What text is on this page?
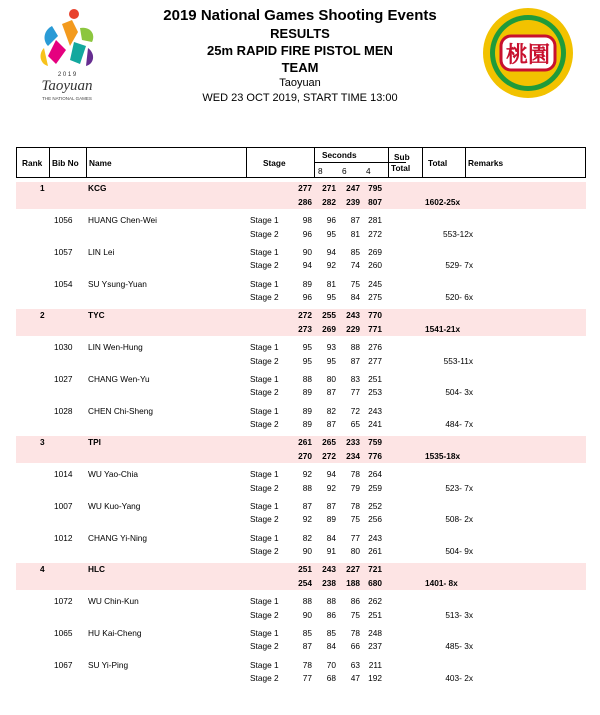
2 0 1 9
Taoyuan
THE NATIONAL GAMES
2019 National Games Shooting Events
RESULTS
25m RAPID FIRE PISTOL MEN
TEAM
Taoyuan
WED 23 OCT 2019, START TIME 13:00
桃園
Rank Bib No Name	Stage
Seconds
8 6 4
Sub
Total Total	Remarks
1	KCG	277	271	247 795
286	282	239 807	1602-25x
1056 HUANG Chen-Wei	Stage 1	98	96	87 281
Stage 2	96	95	81 272	553-12x
1057 LIN Lei	Stage 1	90	94	85 269
Stage 2	94	92	74 260	529- 7x
1054 SU Ysung-Yuan	Stage 1	89	81	75 245
Stage 2	96	95	84 275	520- 6x
2	TYC	272	255	243 770
273	269	229 771	1541-21x
1030 LIN Wen-Hung	Stage 1	95	93	88 276
Stage 2	95	95	87 277	553-11x
1027 CHANG Wen-Yu	Stage 1	88	80	83 251
Stage 2	89	87	77 253	504- 3x
1028 CHEN Chi-Sheng	Stage 1	89	82	72 243
Stage 2	89	87	65 241	484- 7x
3	TPI	261	265	233 759
270	272	234 776	1535-18x
1014 WU Yao-Chia	Stage 1	92	94	78 264
Stage 2	88	92	79 259	523- 7x
1007 WU Kuo-Yang	Stage 1	87	87	78 252
Stage 2	92	89	75 256	508- 2x
1012 CHANG Yi-Ning	Stage 1	82	84	77 243
Stage 2	90	91	80 261	504- 9x
4	HLC	251	243	227 721
254	238	188 680	1401- 8x
1072 WU Chin-Kun	Stage 1	88	88	86 262
Stage 2	90	86	75 251	513- 3x
1065 HU Kai-Cheng	Stage 1	85	85	78 248
Stage 2	87	84	66 237	485- 3x
1067 SU Yi-Ping	Stage 1	78	70	63	211
Stage 2	77	68	47 192	403- 2x
